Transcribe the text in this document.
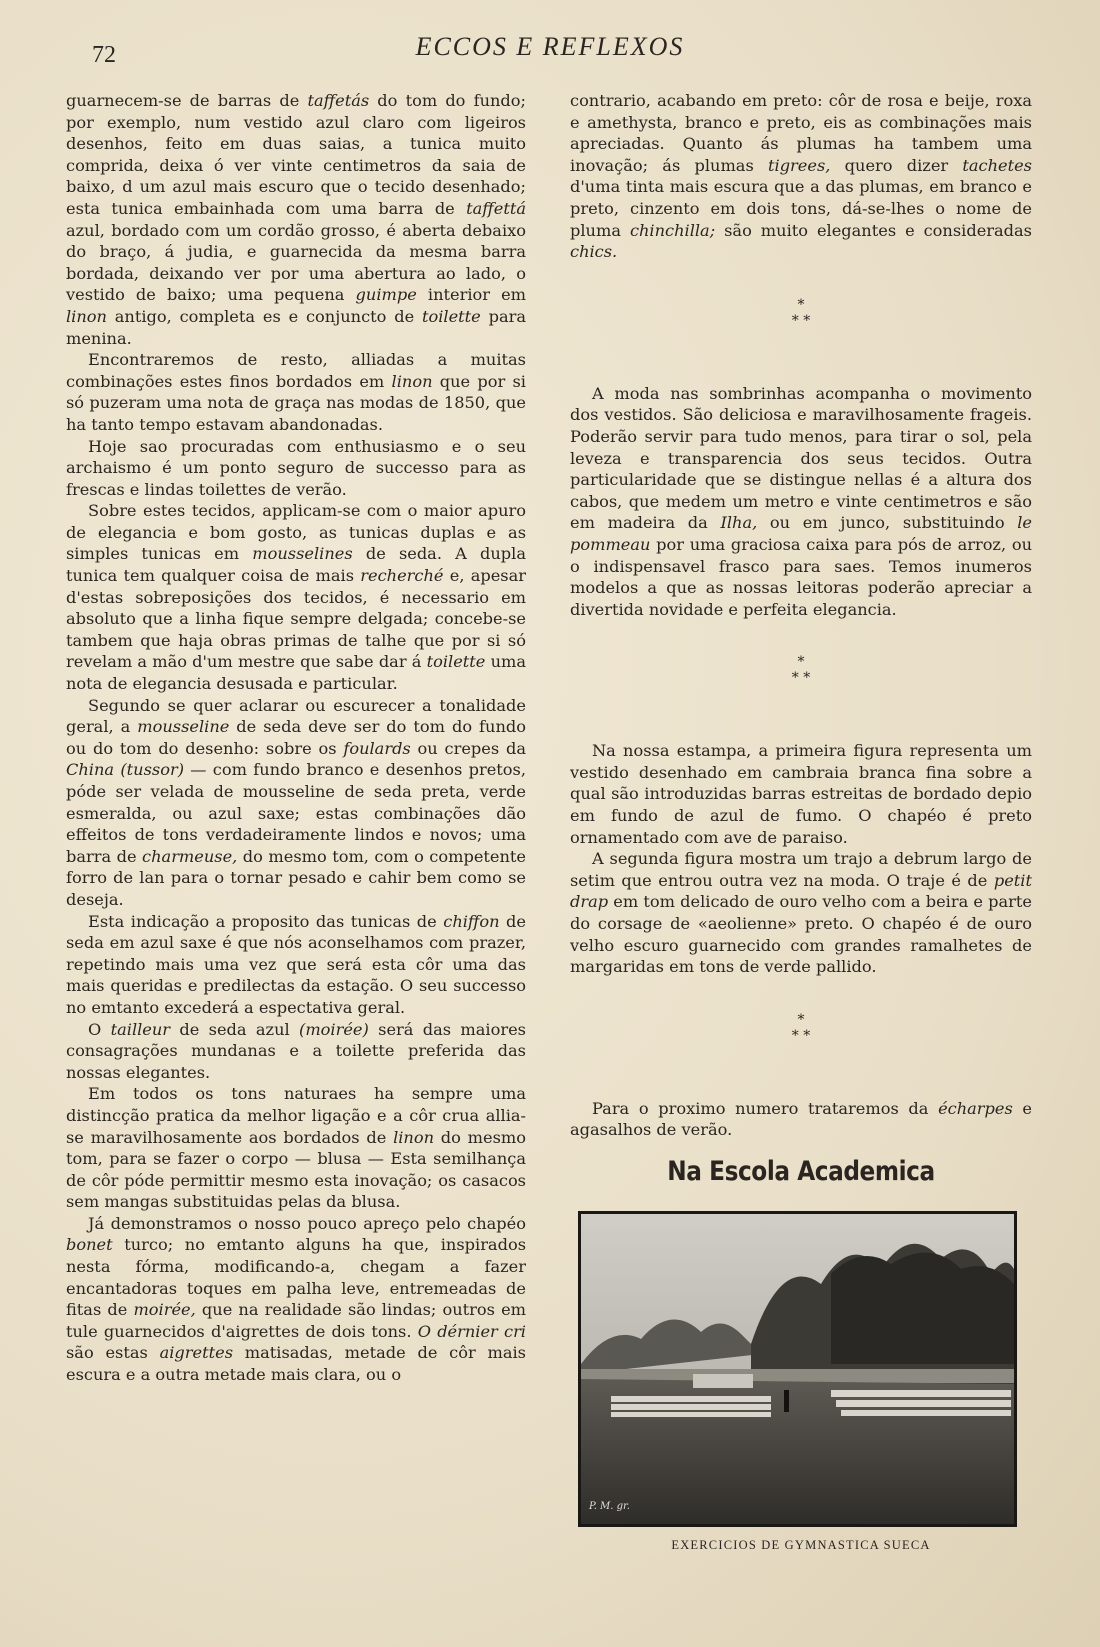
72	ECCOS E REFLEXOS

guarnecem-se de barras de taffetás do tom do fundo; por exemplo, num vestido azul claro com ligeiros desenhos, feito em duas saias, a tunica muito comprida, deixa ó ver vinte centimetros da saia de baixo, d um azul mais escuro que o tecido desenhado; esta tunica embainhada com uma barra de taffettá azul, bordado com um cordão grosso, é aberta debaixo do braço, á judia, e guarnecida da mesma barra bordada, deixando ver por uma abertura ao lado, o vestido de baixo; uma pequena guimpe interior em linon antigo, completa es e conjuncto de toilette para menina.

Encontraremos de resto, alliadas a muitas combinações estes finos bordados em linon que por si só puzeram uma nota de graça nas modas de 1850, que ha tanto tempo estavam abandonadas.

Hoje sao procuradas com enthusiasmo e o seu archaismo é um ponto seguro de successo para as frescas e lindas toilettes de verão.

Sobre estes tecidos, applicam-se com o maior apuro de elegancia e bom gosto, as tunicas duplas e as simples tunicas em mousselines de seda. A dupla tunica tem qualquer coisa de mais recherché e, apesar d'estas sobreposições dos tecidos, é necessario em absoluto que a linha fique sempre delgada; concebe-se tambem que haja obras primas de talhe que por si só revelam a mão d'um mestre que sabe dar á toilette uma nota de elegancia desusada e particular.

Segundo se quer aclarar ou escurecer a tonalidade geral, a mousseline de seda deve ser do tom do fundo ou do tom do desenho: sobre os foulards ou crepes da China (tussor) — com fundo branco e desenhos pretos, póde ser velada de mousseline de seda preta, verde esmeralda, ou azul saxe; estas combinações dão effeitos de tons verdadeiramente lindos e novos; uma barra de charmeuse, do mesmo tom, com o competente forro de lan para o tornar pesado e cahir bem como se deseja.

Esta indicação a proposito das tunicas de chiffon de seda em azul saxe é que nós aconselhamos com prazer, repetindo mais uma vez que será esta côr uma das mais queridas e predilectas da estação. O seu successo no emtanto excederá a espectativa geral.

O tailleur de seda azul (moirée) será das maiores consagrações mundanas e a toilette preferida das nossas elegantes.

Em todos os tons naturaes ha sempre uma distincção pratica da melhor ligação e a côr crua allia-se maravilhosamente aos bordados de linon do mesmo tom, para se fazer o corpo — blusa — Esta semilhança de côr póde permittir mesmo esta inovação; os casacos sem mangas substituidas pelas da blusa.

Já demonstramos o nosso pouco apreço pelo chapéo bonet turco; no emtanto alguns ha que, inspirados nesta fórma, modificando-a, chegam a fazer encantadoras toques em palha leve, entremeadas de fitas de moirée, que na realidade são lindas; outros em tule guarnecidos d'aigrettes de dois tons. O dérnier cri são estas aigrettes matisadas, metade de côr mais escura e a outra metade mais clara, ou o

contrario, acabando em preto: côr de rosa e beije, roxa e amethysta, branco e preto, eis as combinações mais apreciadas. Quanto ás plumas ha tambem uma inovação; ás plumas tigrees, quero dizer tachetes d'uma tinta mais escura que a das plumas, em branco e preto, cinzento em dois tons, dá-se-lhes o nome de pluma chinchilla; são muito elegantes e consideradas chics.

*
* *

A moda nas sombrinhas acompanha o movimento dos vestidos. São deliciosa e maravilhosamente frageis. Poderão servir para tudo menos, para tirar o sol, pela leveza e transparencia dos seus tecidos. Outra particularidade que se distingue nellas é a altura dos cabos, que medem um metro e vinte centimetros e são em madeira da Ilha, ou em junco, substituindo le pommeau por uma graciosa caixa para pós de arroz, ou o indispensavel frasco para saes. Temos inumeros modelos a que as nossas leitoras poderão apreciar a divertida novidade e perfeita elegancia.

*
* *

Na nossa estampa, a primeira figura representa um vestido desenhado em cambraia branca fina sobre a qual são introduzidas barras estreitas de bordado depio em fundo de azul de fumo. O chapéo é preto ornamentado com ave de paraiso.

A segunda figura mostra um trajo a debrum largo de setim que entrou outra vez na moda. O traje é de petit drap em tom delicado de ouro velho com a beira e parte do corsage de «aeolienne» preto. O chapéo é de ouro velho escuro guarnecido com grandes ramalhetes de margaridas em tons de verde pallido.

*
* *

Para o proximo numero trataremos da écharpes e agasalhos de verão.

Na Escola Academica
P. M. gr.
EXERCICIOS DE GYMNASTICA SUECA
